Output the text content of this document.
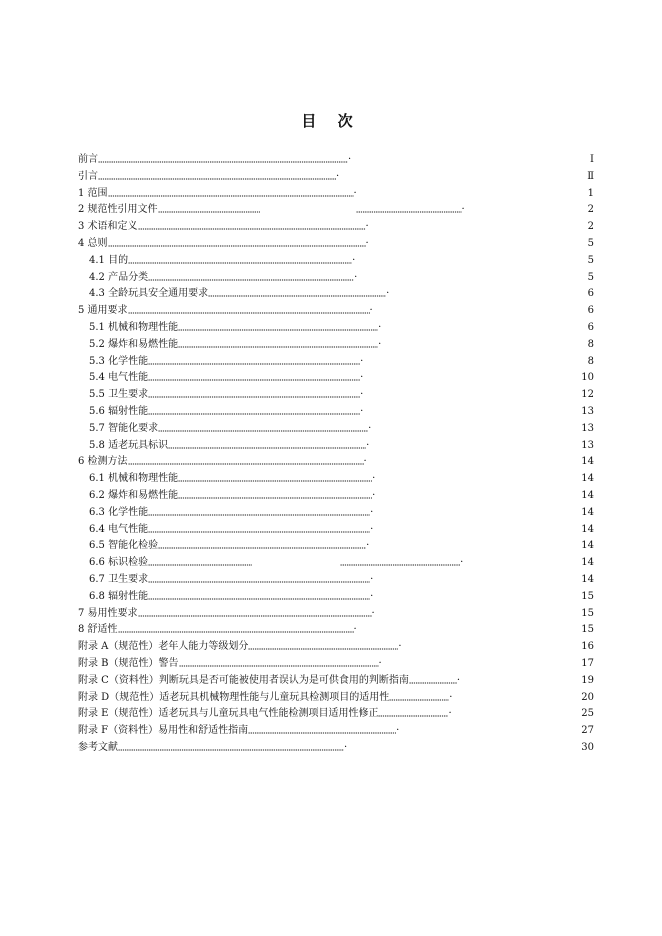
目 次
前言	·	I
引言	·	Ⅱ
1 范围	·	1
2 规范性引用文件	·	2
3 术语和定义	·	2
4 总则	·	5
4.1 目的	·	5
4.2 产品分类	·	5
4.3 全龄玩具安全通用要求	·	6
5 通用要求	·	6
5.1 机械和物理性能	·	6
5.2 爆炸和易燃性能	·	8
5.3 化学性能	·	8
5.4 电气性能	·	10
5.5 卫生要求	·	12
5.6 辐射性能	·	13
5.7 智能化要求	·	13
5.8 适老玩具标识	·	13
6 检测方法	·	14
6.1 机械和物理性能	·	14
6.2 爆炸和易燃性能	·	14
6.3 化学性能	·	14
6.4 电气性能	·	14
6.5 智能化检验	·	14
6.6 标识检验	·	14
6.7 卫生要求	·	14
6.8 辐射性能	·	15
7 易用性要求	·	15
8 舒适性	·	15
附录 A（规范性）老年人能力等级划分	·	16
附录 B（规范性）警告	·	17
附录 C（资料性）判断玩具是否可能被使用者误认为是可供食用的判断指南	·	19
附录 D（规范性）适老玩具机械物理性能与儿童玩具检测项目的适用性	·	20
附录 E（规范性）适老玩具与儿童玩具电气性能检测项目适用性修正	·	25
附录 F（资料性）易用性和舒适性指南	·	27
参考文献	·	30
